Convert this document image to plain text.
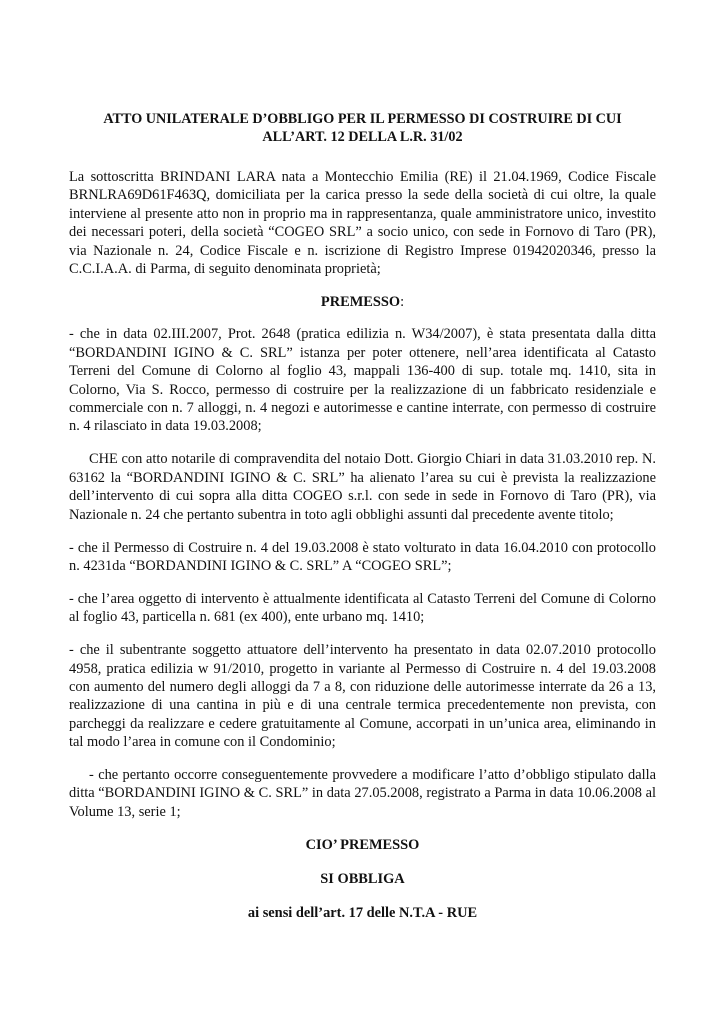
ATTO UNILATERALE D’OBBLIGO PER IL PERMESSO DI COSTRUIRE DI CUI
ALL’ART. 12 DELLA L.R. 31/02

La sottoscritta BRINDANI LARA nata a Montecchio Emilia (RE) il 21.04.1969, Codice Fiscale BRNLRA69D61F463Q, domiciliata per la carica presso la sede della società di cui oltre, la quale interviene al presente atto non in proprio ma in rappresentanza, quale amministratore unico, investito dei necessari poteri, della società “COGEO SRL” a socio unico, con sede in Fornovo di Taro (PR), via Nazionale n. 24, Codice Fiscale e n. iscrizione di Registro Imprese 01942020346, presso la C.C.I.A.A. di Parma, di seguito denominata proprietà;

PREMESSO:

- che in data 02.III.2007, Prot. 2648 (pratica edilizia n. W34/2007), è stata presentata dalla ditta “BORDANDINI IGINO & C. SRL” istanza per poter ottenere, nell’area identificata al Catasto Terreni del Comune di Colorno al foglio 43, mappali 136-400 di sup. totale mq. 1410, sita in Colorno, Via S. Rocco, permesso di costruire per la realizzazione di un fabbricato residenziale e commerciale con n. 7 alloggi, n. 4 negozi e autorimesse e cantine interrate, con permesso di costruire n. 4 rilasciato in data 19.03.2008;

CHE con atto notarile di compravendita del notaio Dott. Giorgio Chiari in data 31.03.2010 rep. N. 63162 la “BORDANDINI IGINO & C. SRL” ha alienato l’area su cui è prevista la realizzazione dell’intervento di cui sopra alla ditta COGEO s.r.l. con sede in sede in Fornovo di Taro (PR), via Nazionale n. 24 che pertanto subentra in toto agli obblighi assunti dal precedente avente titolo;

- che il Permesso di Costruire n. 4 del 19.03.2008 è stato volturato in data 16.04.2010 con protocollo n. 4231da “BORDANDINI IGINO & C. SRL” A “COGEO SRL”;

- che l’area oggetto di intervento è attualmente identificata al Catasto Terreni del Comune di Colorno al foglio 43, particella n. 681 (ex 400), ente urbano mq. 1410;

- che il subentrante soggetto attuatore dell’intervento ha presentato in data 02.07.2010 protocollo 4958, pratica edilizia w 91/2010, progetto in variante al Permesso di Costruire n. 4 del 19.03.2008 con aumento del numero degli alloggi da 7 a 8, con riduzione delle autorimesse interrate da 26 a 13, realizzazione di una cantina in più e di una centrale termica precedentemente non prevista, con parcheggi da realizzare e cedere gratuitamente al Comune, accorpati in un’unica area, eliminando in tal modo l’area in comune con il Condominio;

- che pertanto occorre conseguentemente provvedere a modificare l’atto d’obbligo stipulato dalla ditta “BORDANDINI IGINO & C. SRL” in data 27.05.2008, registrato a Parma in data 10.06.2008 al Volume 13, serie 1;

CIO’ PREMESSO
SI OBBLIGA
ai sensi dell’art. 17 delle N.T.A - RUE
